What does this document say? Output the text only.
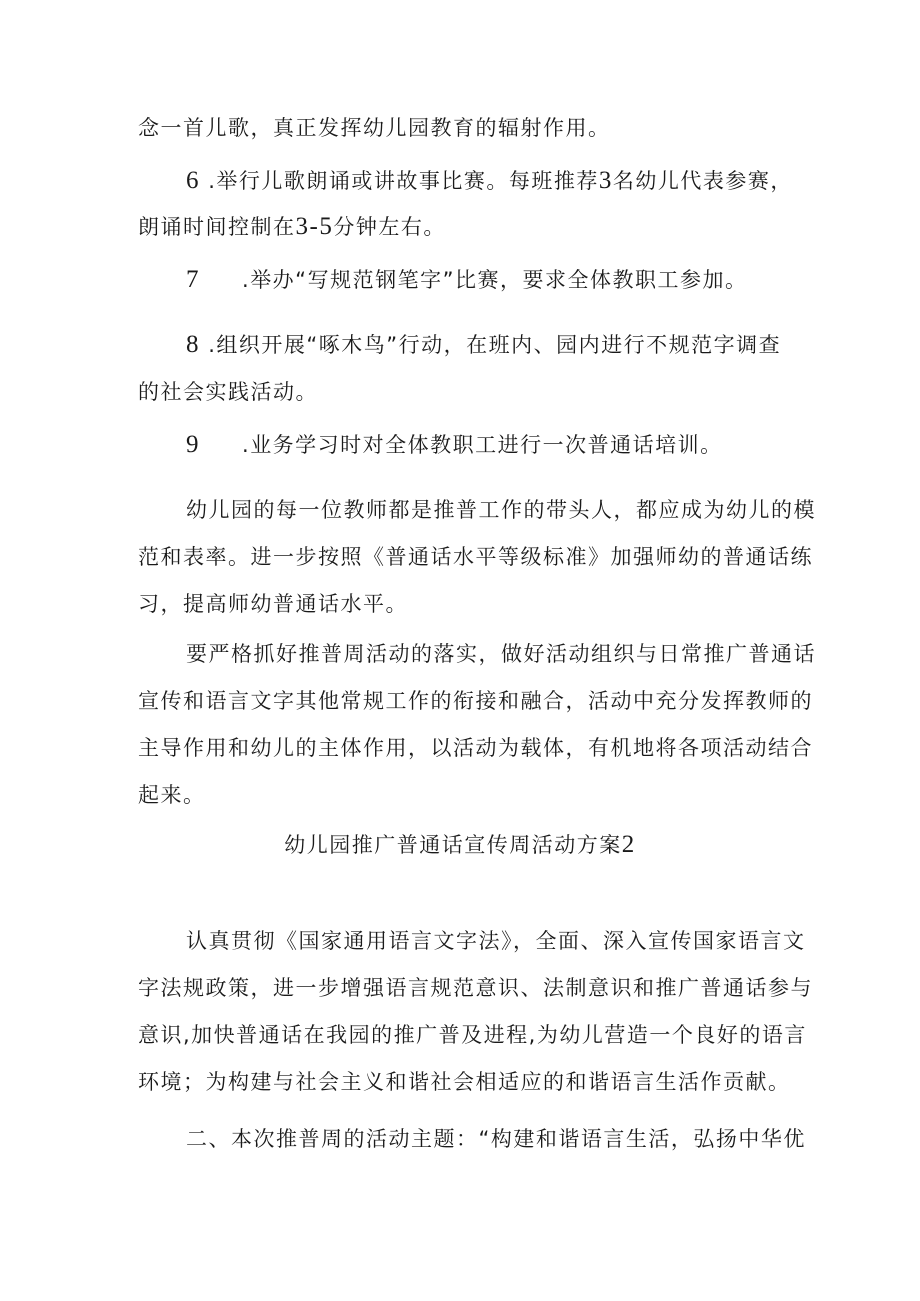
念一首儿歌，真正发挥幼儿园教育的辐射作用。
6 .举行儿歌朗诵或讲故事比赛。每班推荐3名幼儿代表参赛，
朗诵时间控制在3-5分钟左右。
7 .举办“写规范钢笔字”比赛，要求全体教职工参加。
8 .组织开展“啄木鸟”行动，在班内、园内进行不规范字调查
的社会实践活动。
9 .业务学习时对全体教职工进行一次普通话培训。
幼儿园的每一位教师都是推普工作的带头人，都应成为幼儿的模
范和表率。进一步按照《普通话水平等级标准》加强师幼的普通话练
习，提高师幼普通话水平。
要严格抓好推普周活动的落实，做好活动组织与日常推广普通话
宣传和语言文字其他常规工作的衔接和融合，活动中充分发挥教师的
主导作用和幼儿的主体作用，以活动为载体，有机地将各项活动结合
起来。
幼儿园推广普通话宣传周活动方案2
认真贯彻《国家通用语言文字法》，全面、深入宣传国家语言文
字法规政策，进一步增强语言规范意识、法制意识和推广普通话参与
意识,加快普通话在我园的推广普及进程,为幼儿营造一个良好的语言
环境；为构建与社会主义和谐社会相适应的和谐语言生活作贡献。
二、本次推普周的活动主题：“构建和谐语言生活，弘扬中华优
